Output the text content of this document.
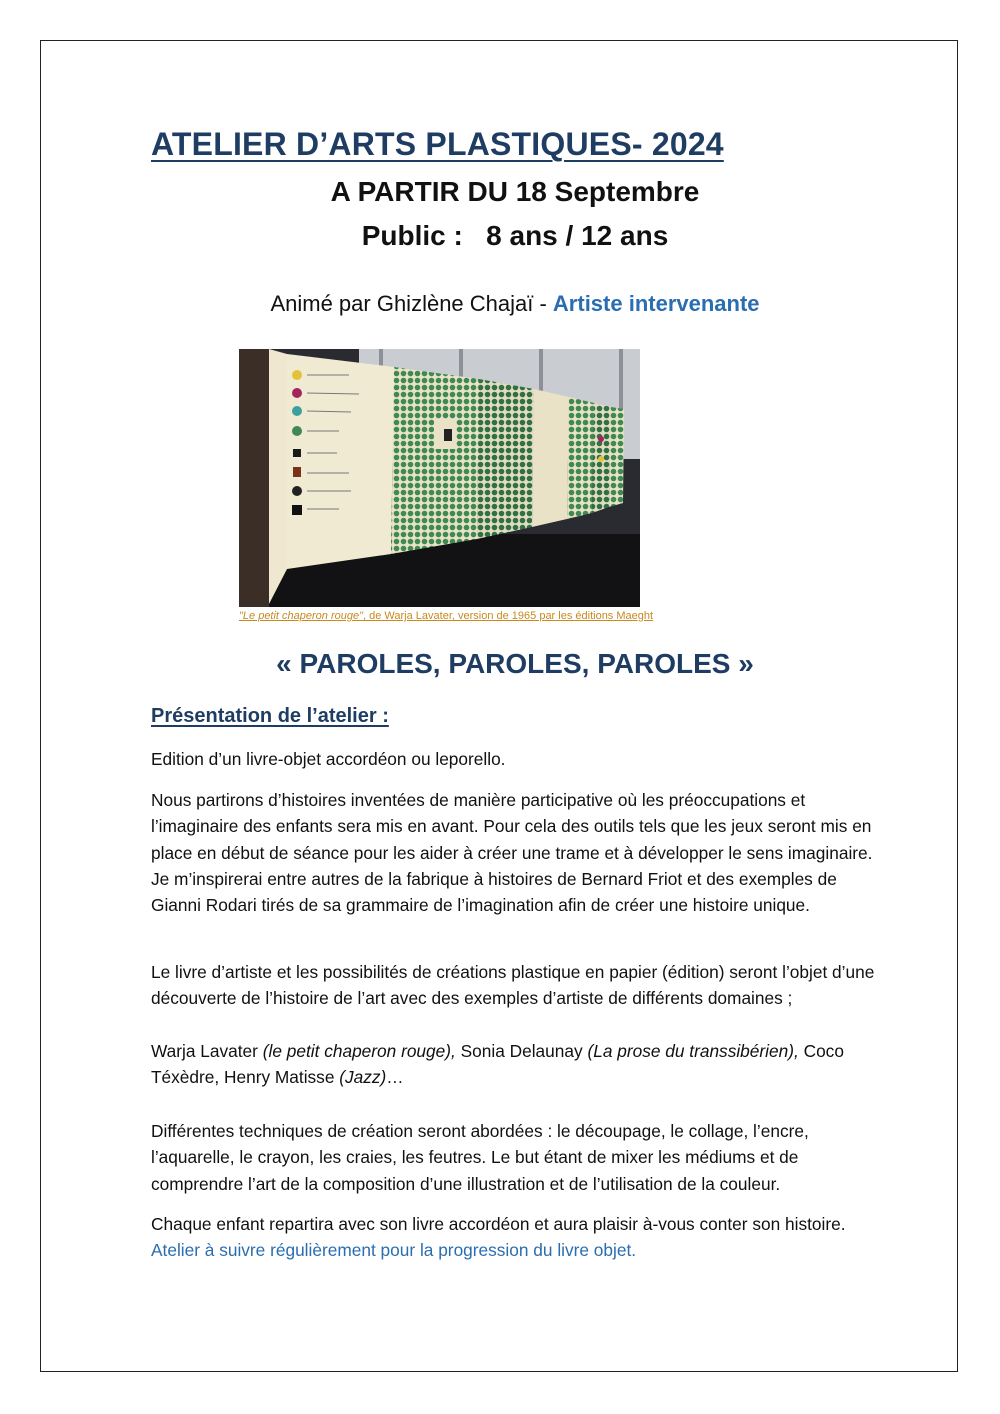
ATELIER D’ARTS PLASTIQUES- 2024
A PARTIR DU 18 Septembre
Public :   8 ans / 12 ans
Animé par Ghizlène Chajaï - Artiste intervenante
"Le petit chaperon rouge", de Warja Lavater, version de 1965 par les éditions Maeght
« PAROLES, PAROLES, PAROLES »
Présentation de l’atelier :

Edition d’un livre-objet accordéon ou leporello.

Nous partirons d’histoires inventées de manière participative où les préoccupations et l’imaginaire des enfants sera mis en avant. Pour cela des outils tels que les jeux seront mis en place en début de séance pour les aider à créer une trame et à développer le sens imaginaire. Je m’inspirerai entre autres de la fabrique à histoires de Bernard Friot et des exemples de Gianni Rodari tirés de sa grammaire de l’imagination afin de créer une histoire unique.

Le livre d’artiste et les possibilités de créations plastique en papier (édition) seront l’objet d’une découverte de l’histoire de l’art avec des exemples d’artiste de différents domaines ;

Warja Lavater (le petit chaperon rouge), Sonia Delaunay (La prose du transsibérien), Coco Téxèdre, Henry Matisse (Jazz)…

Différentes techniques de création seront abordées : le découpage, le collage, l’encre, l’aquarelle, le crayon, les craies, les feutres. Le but étant de mixer les médiums et de comprendre l’art de la composition d’une illustration et de l’utilisation de la couleur.

Chaque enfant repartira avec son livre accordéon et aura plaisir à-vous conter son histoire. Atelier à suivre régulièrement pour la progression du livre objet.
